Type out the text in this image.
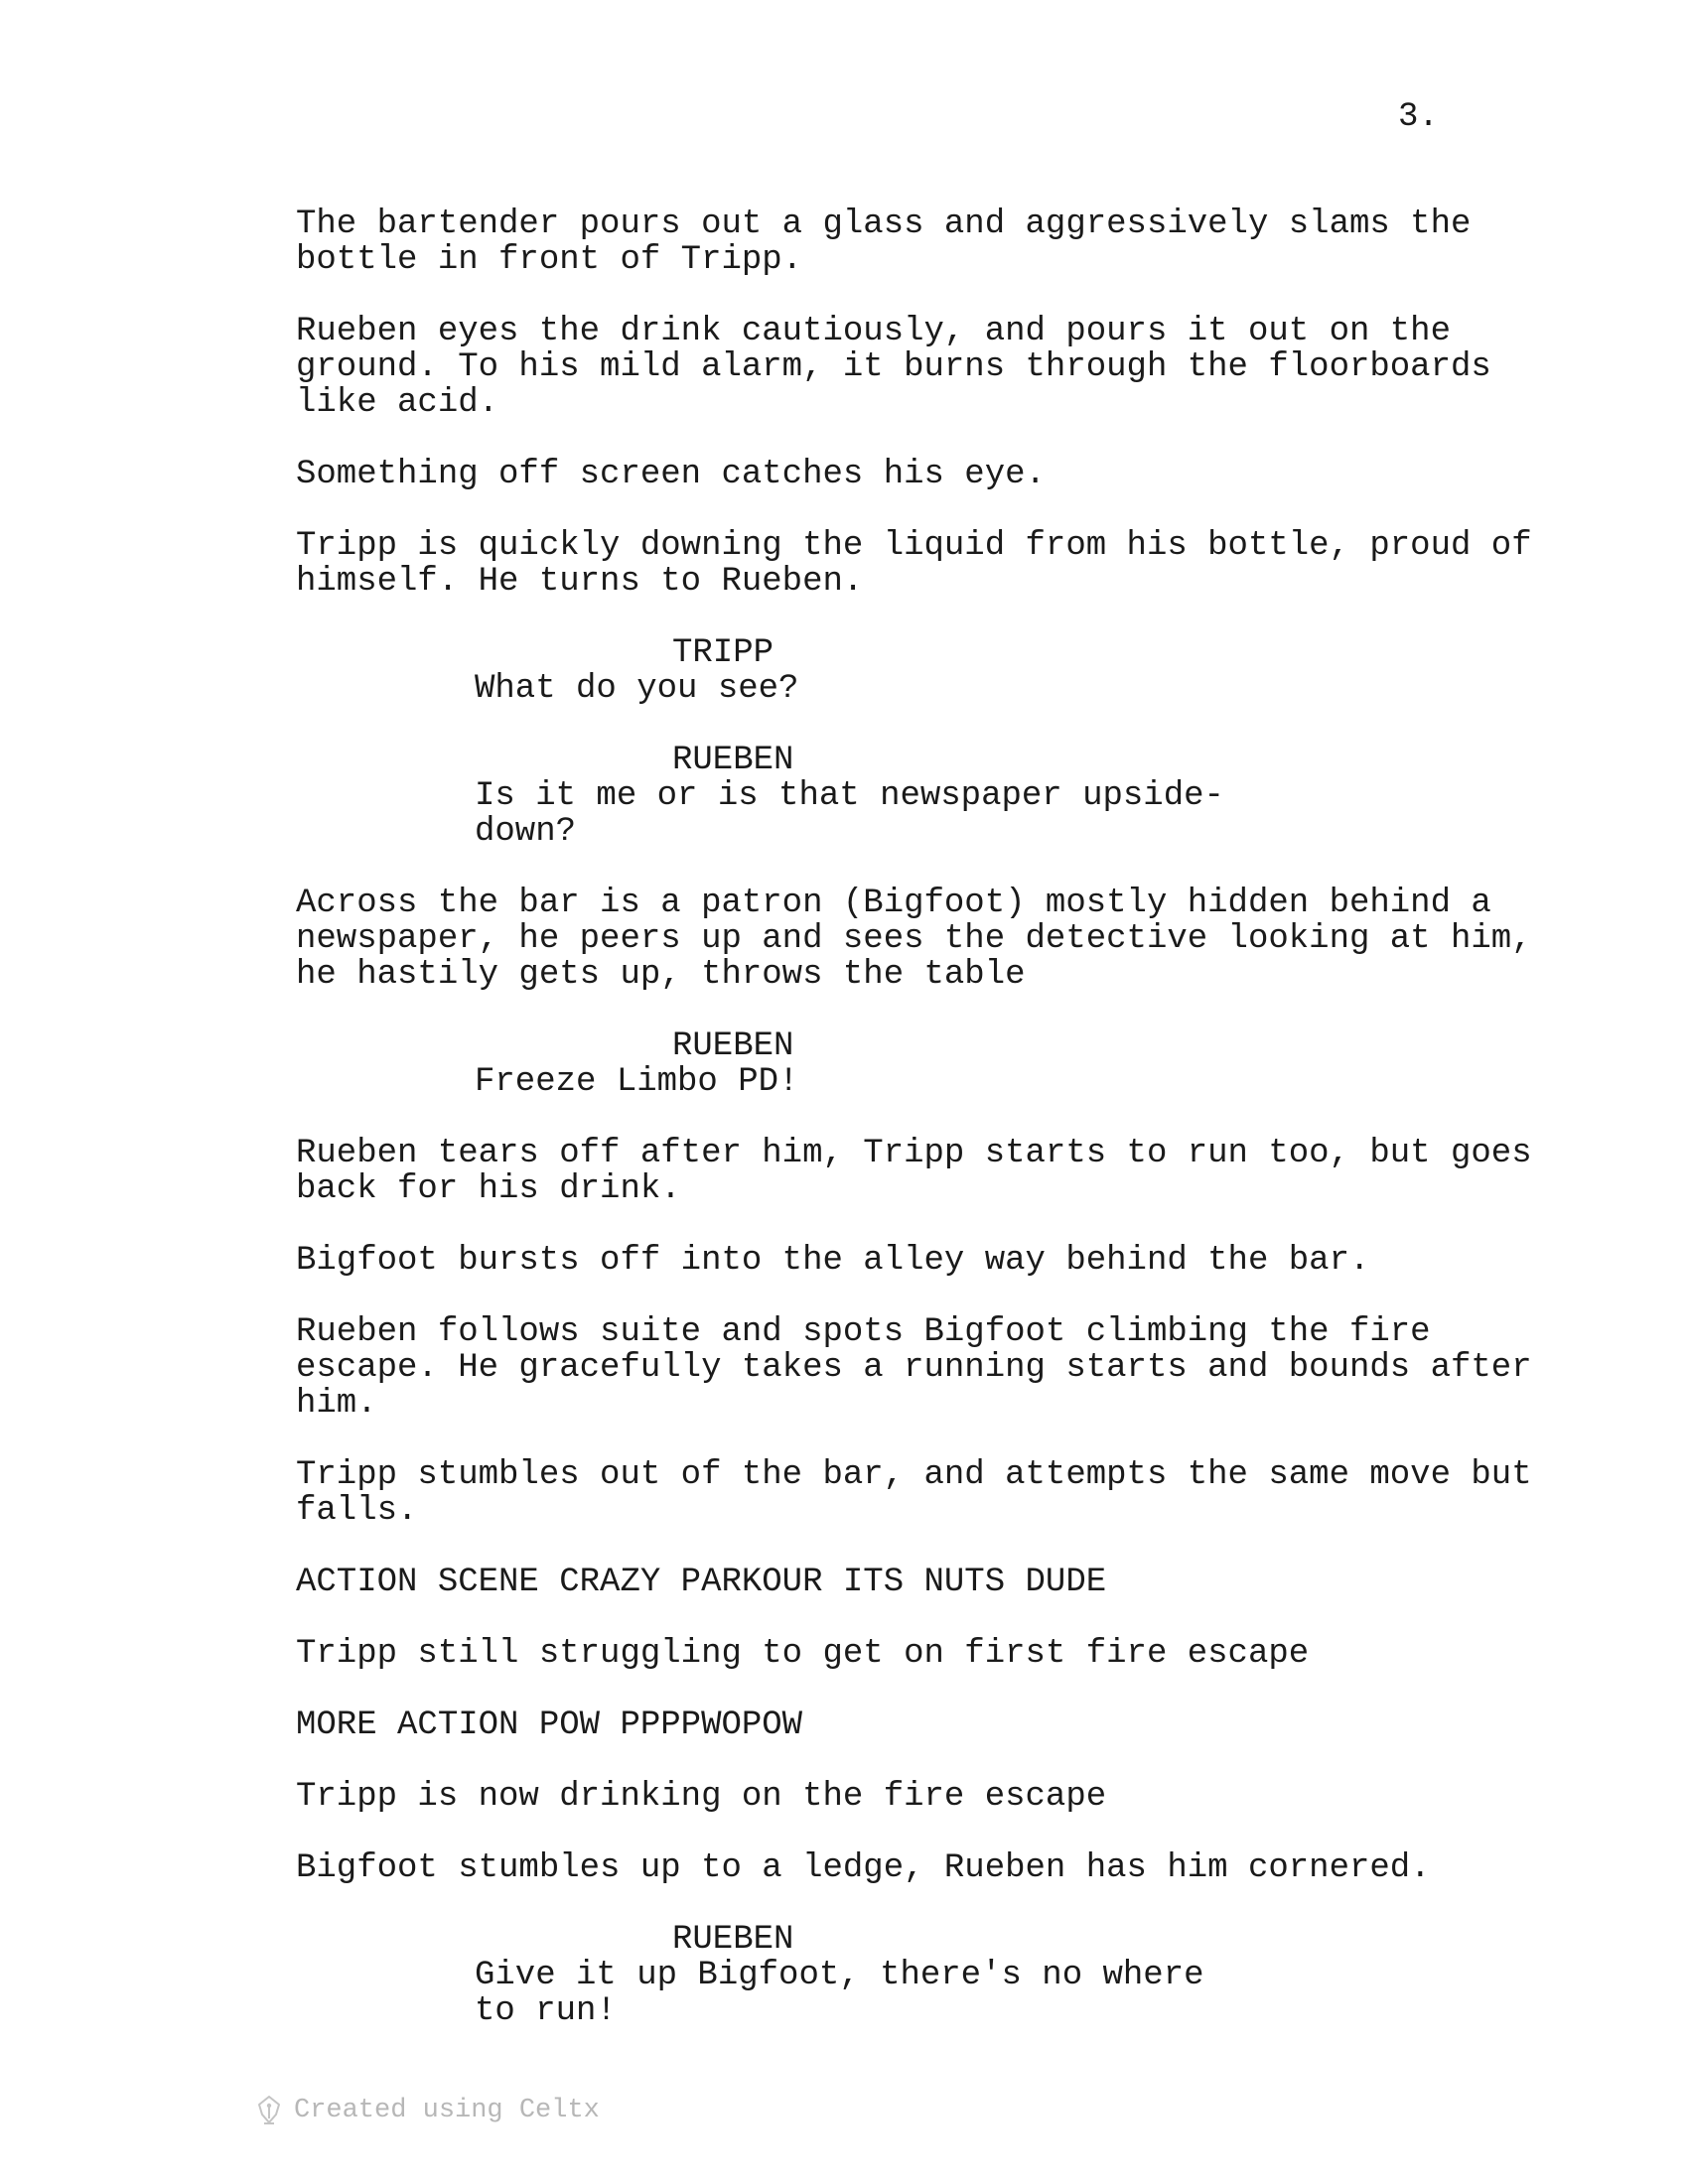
3.
The bartender pours out a glass and aggressively slams the
bottle in front of Tripp.
Rueben eyes the drink cautiously, and pours it out on the
ground. To his mild alarm, it burns through the floorboards
like acid.
Something off screen catches his eye.
Tripp is quickly downing the liquid from his bottle, proud of
himself. He turns to Rueben.
TRIPP
What do you see?
RUEBEN
Is it me or is that newspaper upside-
down?
Across the bar is a patron (Bigfoot) mostly hidden behind a
newspaper, he peers up and sees the detective looking at him,
he hastily gets up, throws the table
RUEBEN
Freeze Limbo PD!
Rueben tears off after him, Tripp starts to run too, but goes
back for his drink.
Bigfoot bursts off into the alley way behind the bar.
Rueben follows suite and spots Bigfoot climbing the fire
escape. He gracefully takes a running starts and bounds after
him.
Tripp stumbles out of the bar, and attempts the same move but
falls.
ACTION SCENE CRAZY PARKOUR ITS NUTS DUDE
Tripp still struggling to get on first fire escape
MORE ACTION POW PPPPWOPOW
Tripp is now drinking on the fire escape
Bigfoot stumbles up to a ledge, Rueben has him cornered.
RUEBEN
Give it up Bigfoot, there's no where
to run!
Created using Celtx
